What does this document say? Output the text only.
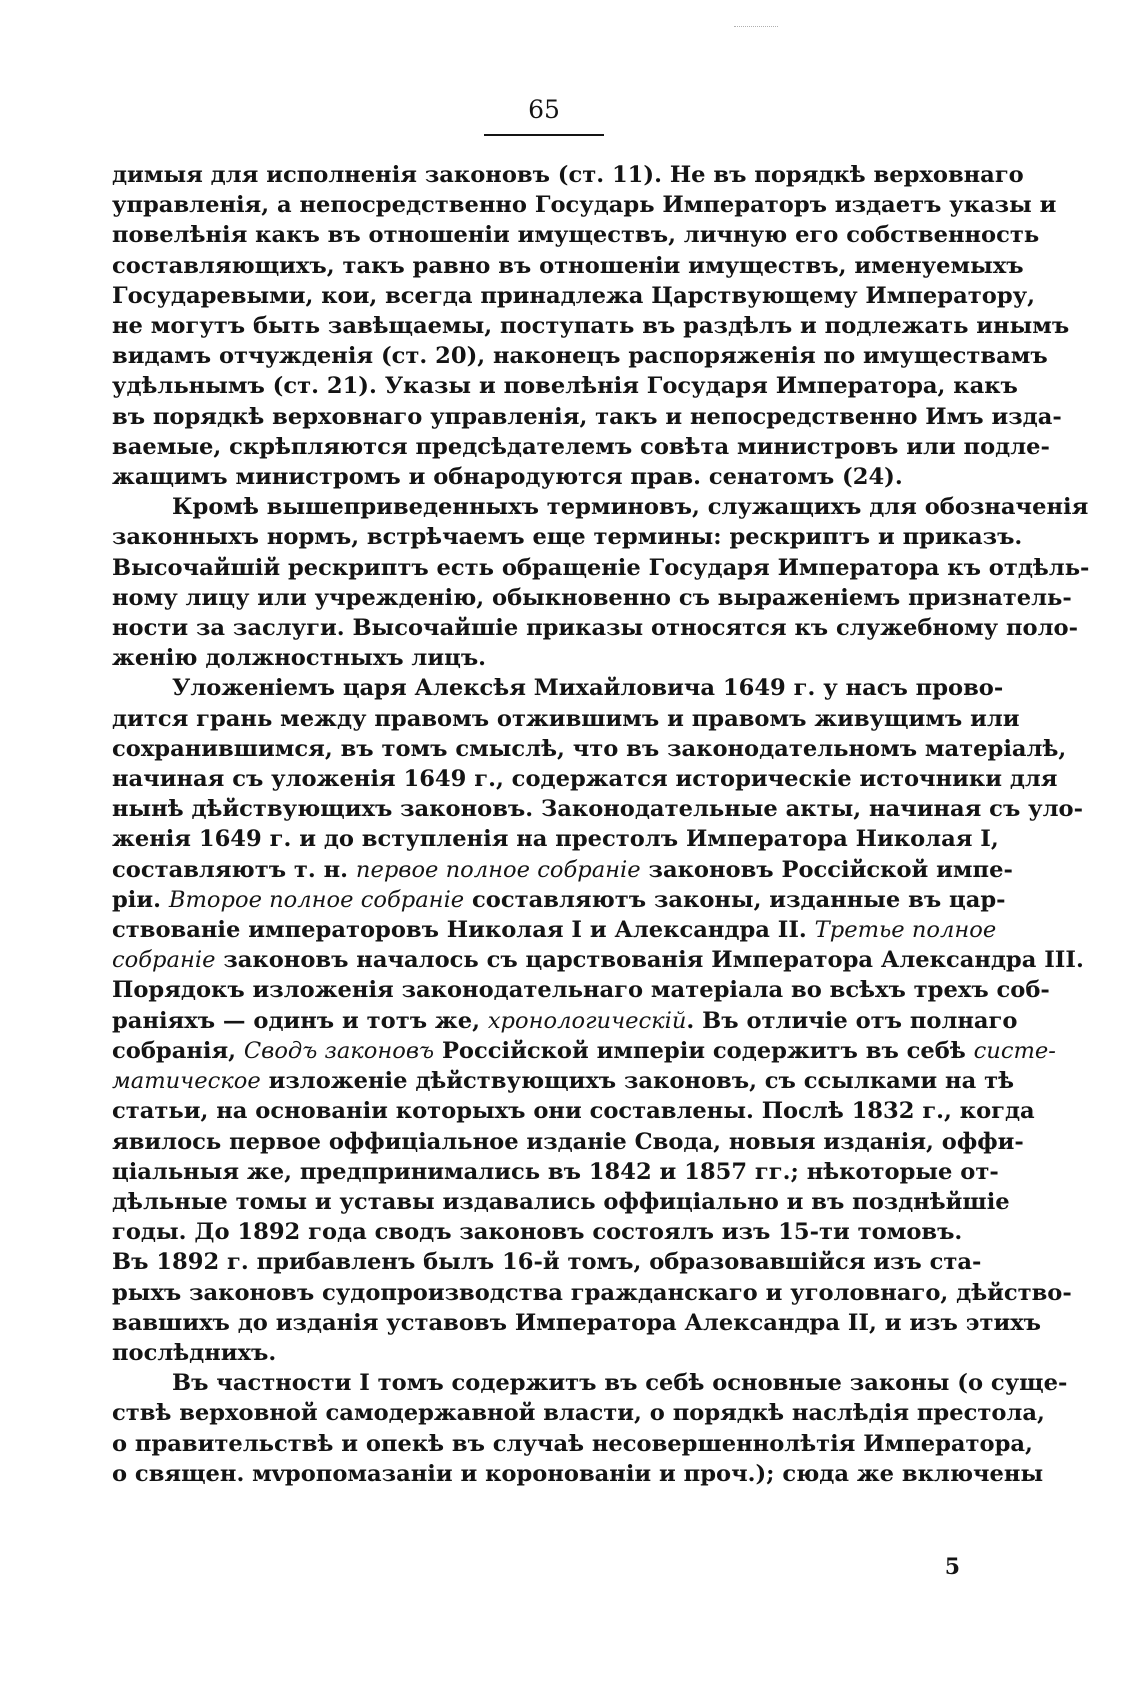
65
димыя для исполненія законовъ (ст. 11). Не въ порядкѣ верховнаго
управленія, а непосредственно Государь Императоръ издаетъ указы и
повелѣнія какъ въ отношеніи имуществъ, личную его собственность
составляющихъ, такъ равно въ отношеніи имуществъ, именуемыхъ
Государевыми, кои, всегда принадлежа Царствующему Императору,
не могутъ быть завѣщаемы, поступать въ раздѣлъ и подлежать инымъ
видамъ отчужденія (ст. 20), наконецъ распоряженія по имуществамъ
удѣльнымъ (ст. 21). Указы и повелѣнія Государя Императора, какъ
въ порядкѣ верховнаго управленія, такъ и непосредственно Имъ изда-
ваемые, скрѣпляются предсѣдателемъ совѣта министровъ или подле-
жащимъ министромъ и обнародуются прав. сенатомъ (24).
Кромѣ вышеприведенныхъ терминовъ, служащихъ для обозначенія
законныхъ нормъ, встрѣчаемъ еще термины: рескриптъ и приказъ.
Высочайшій рескриптъ есть обращеніе Государя Императора къ отдѣль-
ному лицу или учрежденію, обыкновенно съ выраженіемъ признатель-
ности за заслуги. Высочайшіе приказы относятся къ служебному поло-
женію должностныхъ лицъ.
Уложеніемъ царя Алексѣя Михайловича 1649 г. у насъ прово-
дится грань между правомъ отжившимъ и правомъ живущимъ или
сохранившимся, въ томъ смыслѣ, что въ законодательномъ матеріалѣ,
начиная съ уложенія 1649 г., содержатся историческіе источники для
нынѣ дѣйствующихъ законовъ. Законодательные акты, начиная съ уло-
женія 1649 г. и до вступленія на престолъ Императора Николая I,
составляютъ т. н. первое полное собраніе законовъ Россійской импе-
ріи. Второе полное собраніе составляютъ законы, изданные въ цар-
ствованіе императоровъ Николая I и Александра II. Третье полное
собраніе законовъ началось съ царствованія Императора Александра III.
Порядокъ изложенія законодательнаго матеріала во всѣхъ трехъ соб-
раніяхъ — одинъ и тотъ же, хронологическій. Въ отличіе отъ полнаго
собранія, Сводъ законовъ Россійской имперіи содержитъ въ себѣ систе-
матическое изложеніе дѣйствующихъ законовъ, съ ссылками на тѣ
статьи, на основаніи которыхъ они составлены. Послѣ 1832 г., когда
явилось первое оффиціальное изданіе Свода, новыя изданія, оффи-
ціальныя же, предпринимались въ 1842 и 1857 гг.; нѣкоторые от-
дѣльные томы и уставы издавались оффиціально и въ позднѣйшіе
годы. До 1892 года сводъ законовъ состоялъ изъ 15-ти томовъ.
Въ 1892 г. прибавленъ былъ 16-й томъ, образовавшійся изъ ста-
рыхъ законовъ судопроизводства гражданскаго и уголовнаго, дѣйство-
вавшихъ до изданія уставовъ Императора Александра II, и изъ этихъ
послѣднихъ.
Въ частности I томъ содержитъ въ себѣ основные законы (о суще-
ствѣ верховной самодержавной власти, о порядкѣ наслѣдія престола,
о правительствѣ и опекѣ въ случаѣ несовершеннолѣтія Императора,
о священ. мvропомазаніи и коронованіи и проч.); сюда же включены
5
